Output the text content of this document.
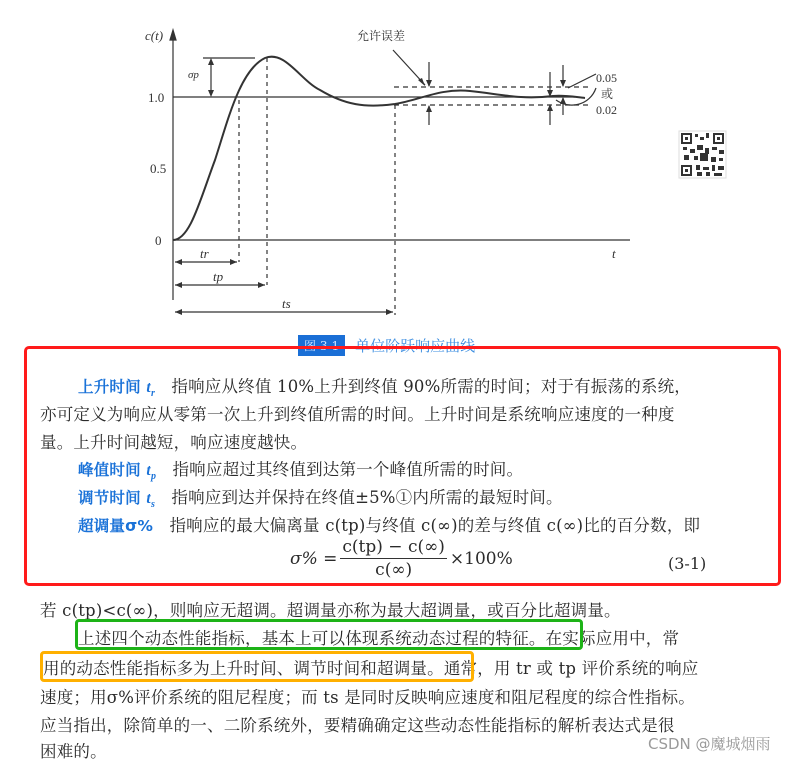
c(t)
t
0
0.5
1.0
σp
tr
tp
ts
允许误差
0.05
或
0.02
图 3-1	单位阶跃响应曲线
上升时间 $t_r$ 指响应从终值 10%上升到终值 90%所需的时间；对于有振荡的系统，
亦可定义为响应从零第一次上升到终值所需的时间。上升时间是系统响应速度的一种度
量。上升时间越短，响应速度越快。
峰值时间 $t_p$ 指响应超过其终值到达第一个峰值所需的时间。
调节时间 $t_s$ 指响应到达并保持在终值±5%①内所需的最短时间。
超调量σ% 指响应的最大偏离量 c(tp)与终值 c(∞)的差与终值 c(∞)比的百分数，即
$\sigma\% = \frac{c(tp) - c(\infty)}{c(\infty)} \times 100\%$	(3-1)
若 c(tp)<c(∞)，则响应无超调。超调量亦称为最大超调量，或百分比超调量。
上述四个动态性能指标，基本上可以体现系统动态过程的特征。在实际应用中，常
用的动态性能指标多为上升时间、调节时间和超调量。通常，用 tr 或 tp 评价系统的响应
速度；用σ%评价系统的阻尼程度；而 ts 是同时反映响应速度和阻尼程度的综合性指标。
应当指出，除简单的一、二阶系统外，要精确确定这些动态性能指标的解析表达式是很
困难的。	CSDN @魔城烟雨
